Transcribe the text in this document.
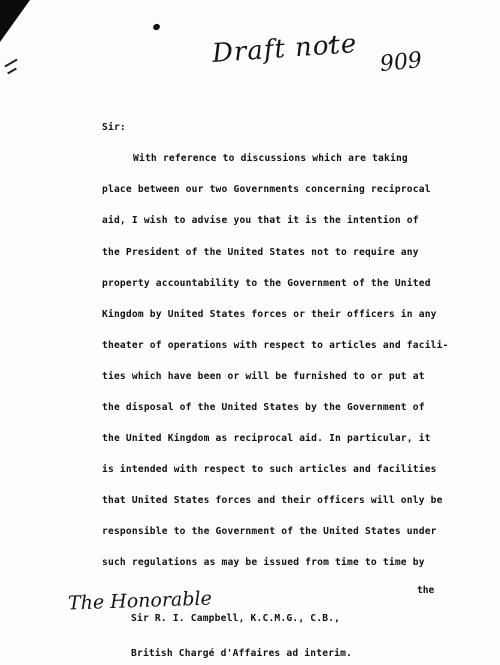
Draft note 909
Sir:
With reference to discussions which are taking
place between our two Governments concerning reciprocal
aid, I wish to advise you that it is the intention of
the President of the United States not to require any
property accountability to the Government of the United
Kingdom by United States forces or their officers in any
theater of operations with respect to articles and facili-
ties which have been or will be furnished to or put at
the disposal of the United States by the Government of
the United Kingdom as reciprocal aid. In particular, it
is intended with respect to such articles and facilities
that United States forces and their officers will only be
responsible to the Government of the United States under
such regulations as may be issued from time to time by
the
The Honorable
Sir R. I. Campbell, K.C.M.G., C.B.,
British Chargé d'Affaires ad interim.
